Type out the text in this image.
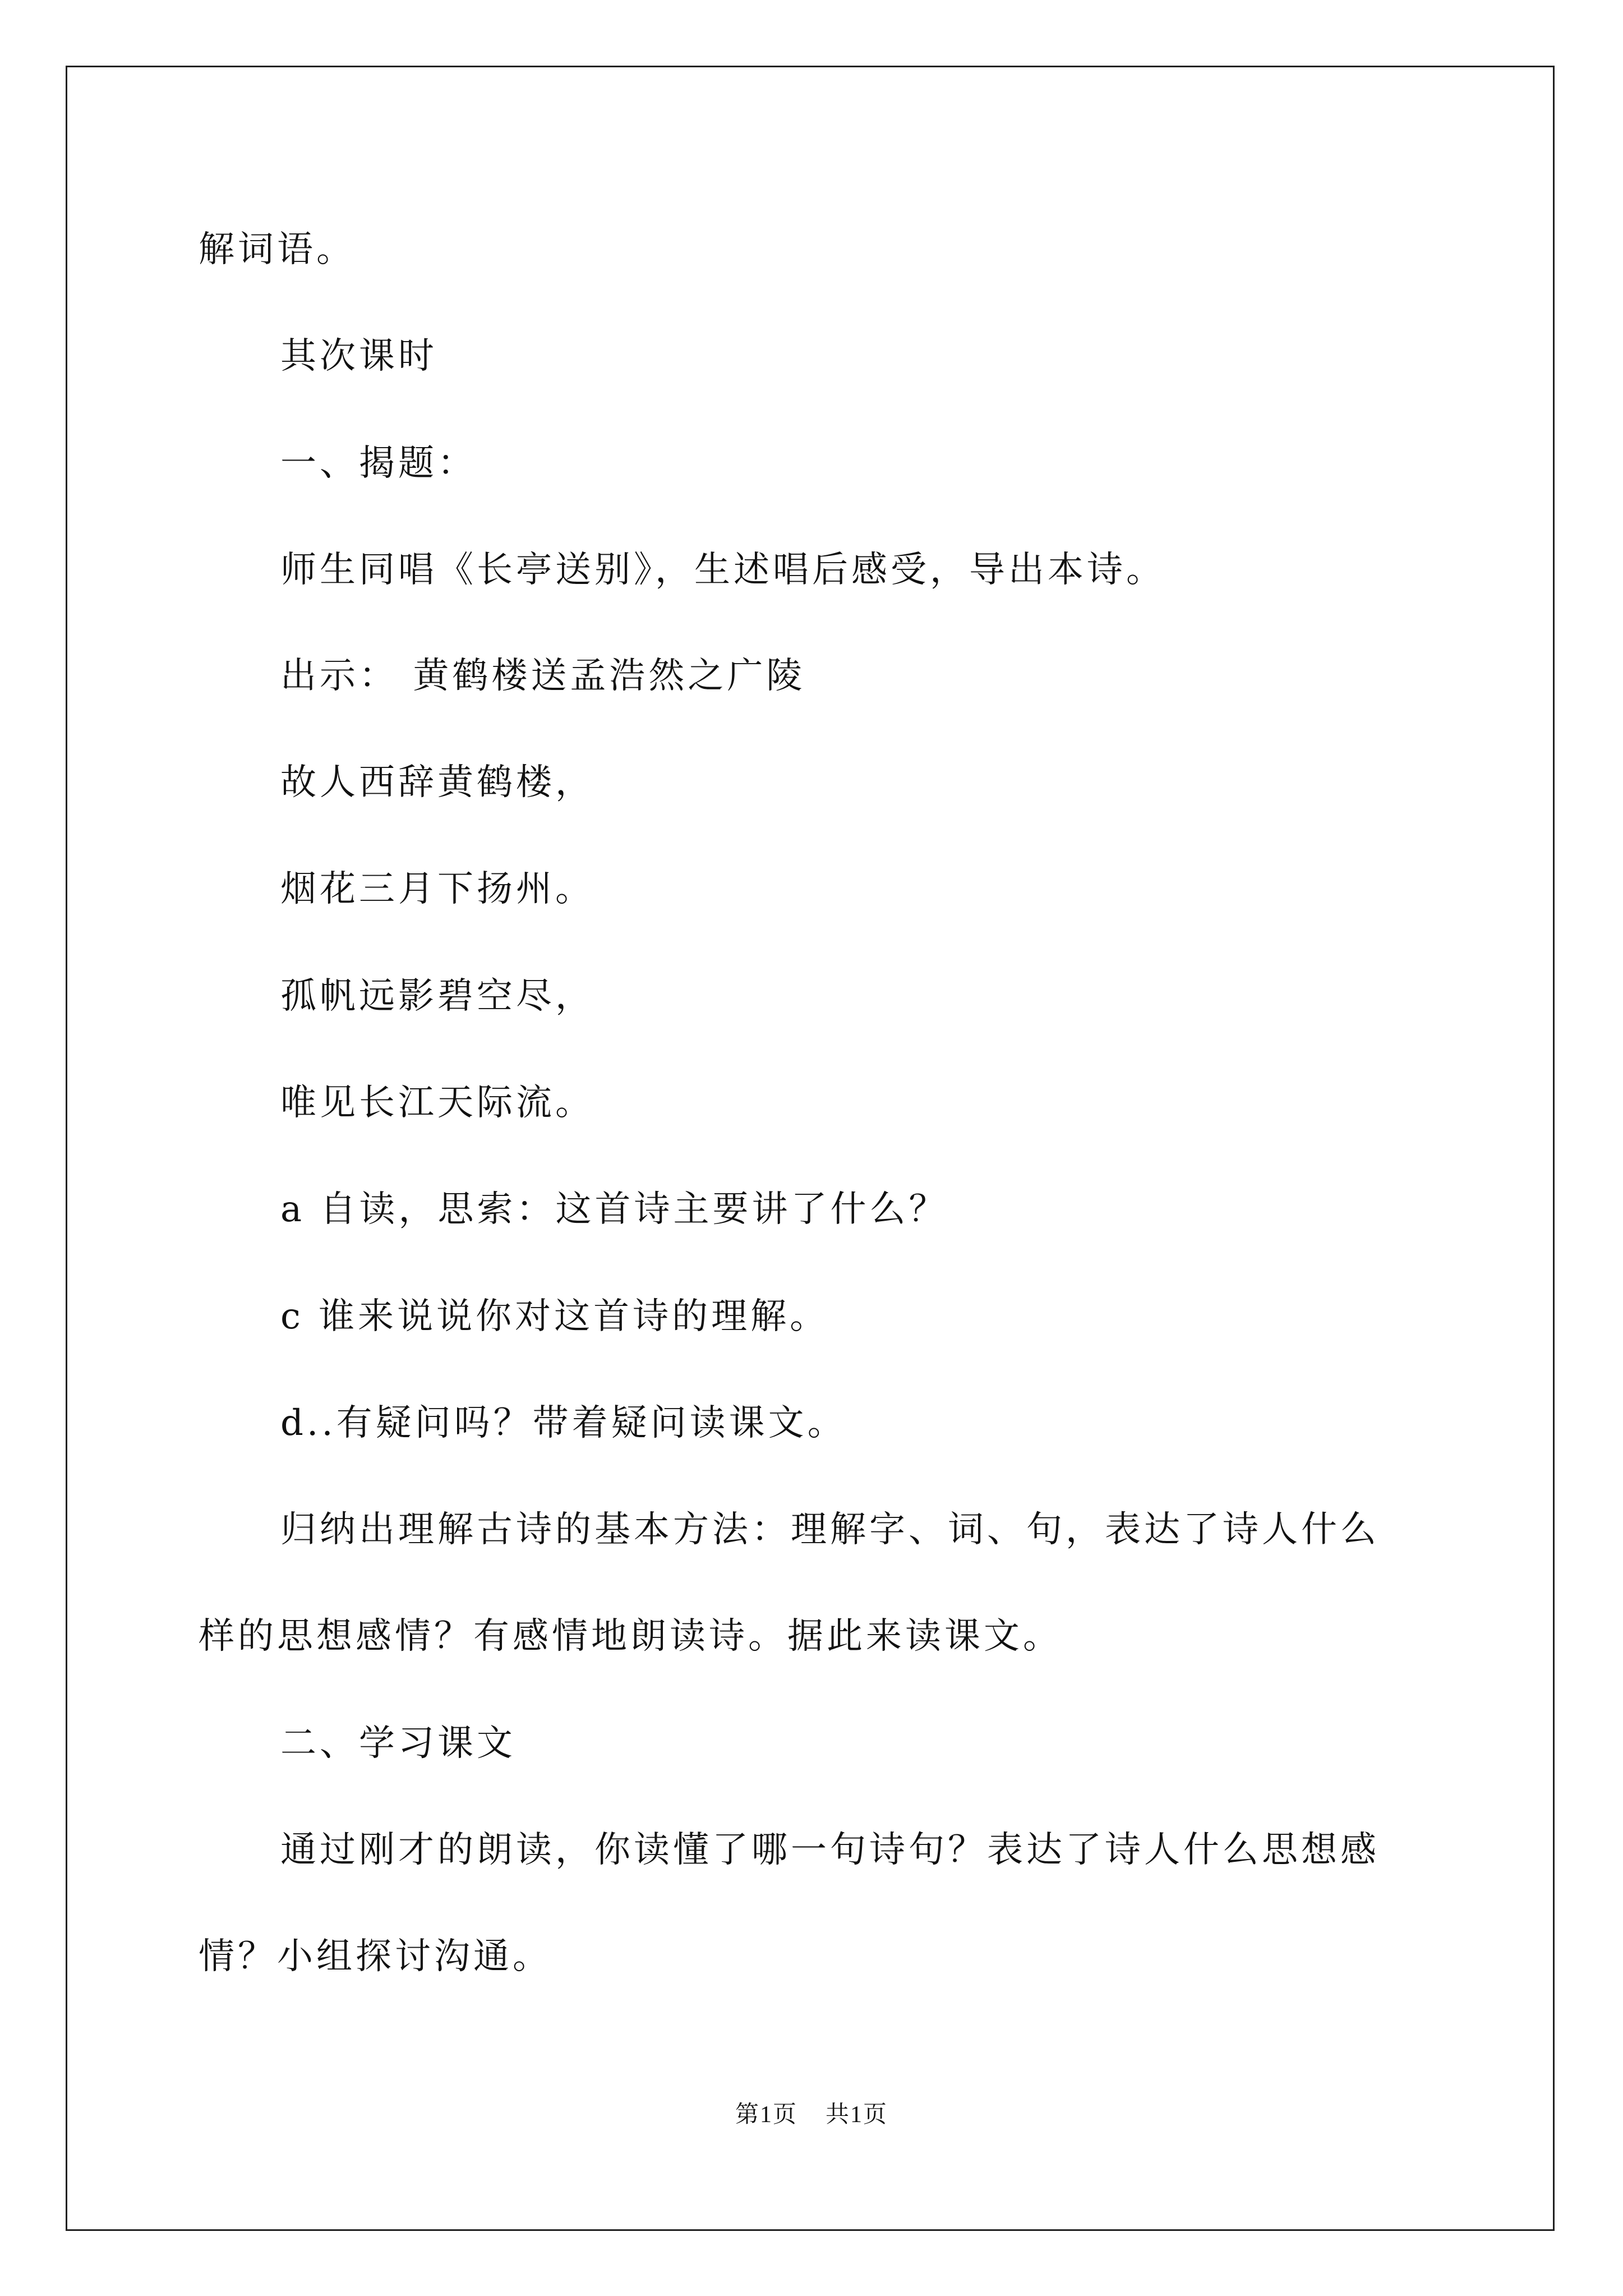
解词语。
其次课时
一、揭题：
师生同唱《长亭送别》，生述唱后感受，导出本诗。
出示： 黄鹤楼送孟浩然之广陵
故人西辞黄鹤楼，
烟花三月下扬州。
孤帆远影碧空尽，
唯见长江天际流。
a 自读，思索：这首诗主要讲了什么？
c 谁来说说你对这首诗的理解。
d..有疑问吗？带着疑问读课文。
归纳出理解古诗的基本方法：理解字、词、句，表达了诗人什么
样的思想感情？有感情地朗读诗。据此来读课文。
二、学习课文
通过刚才的朗读，你读懂了哪一句诗句？表达了诗人什么思想感
情？小组探讨沟通。
第1页 共1页
